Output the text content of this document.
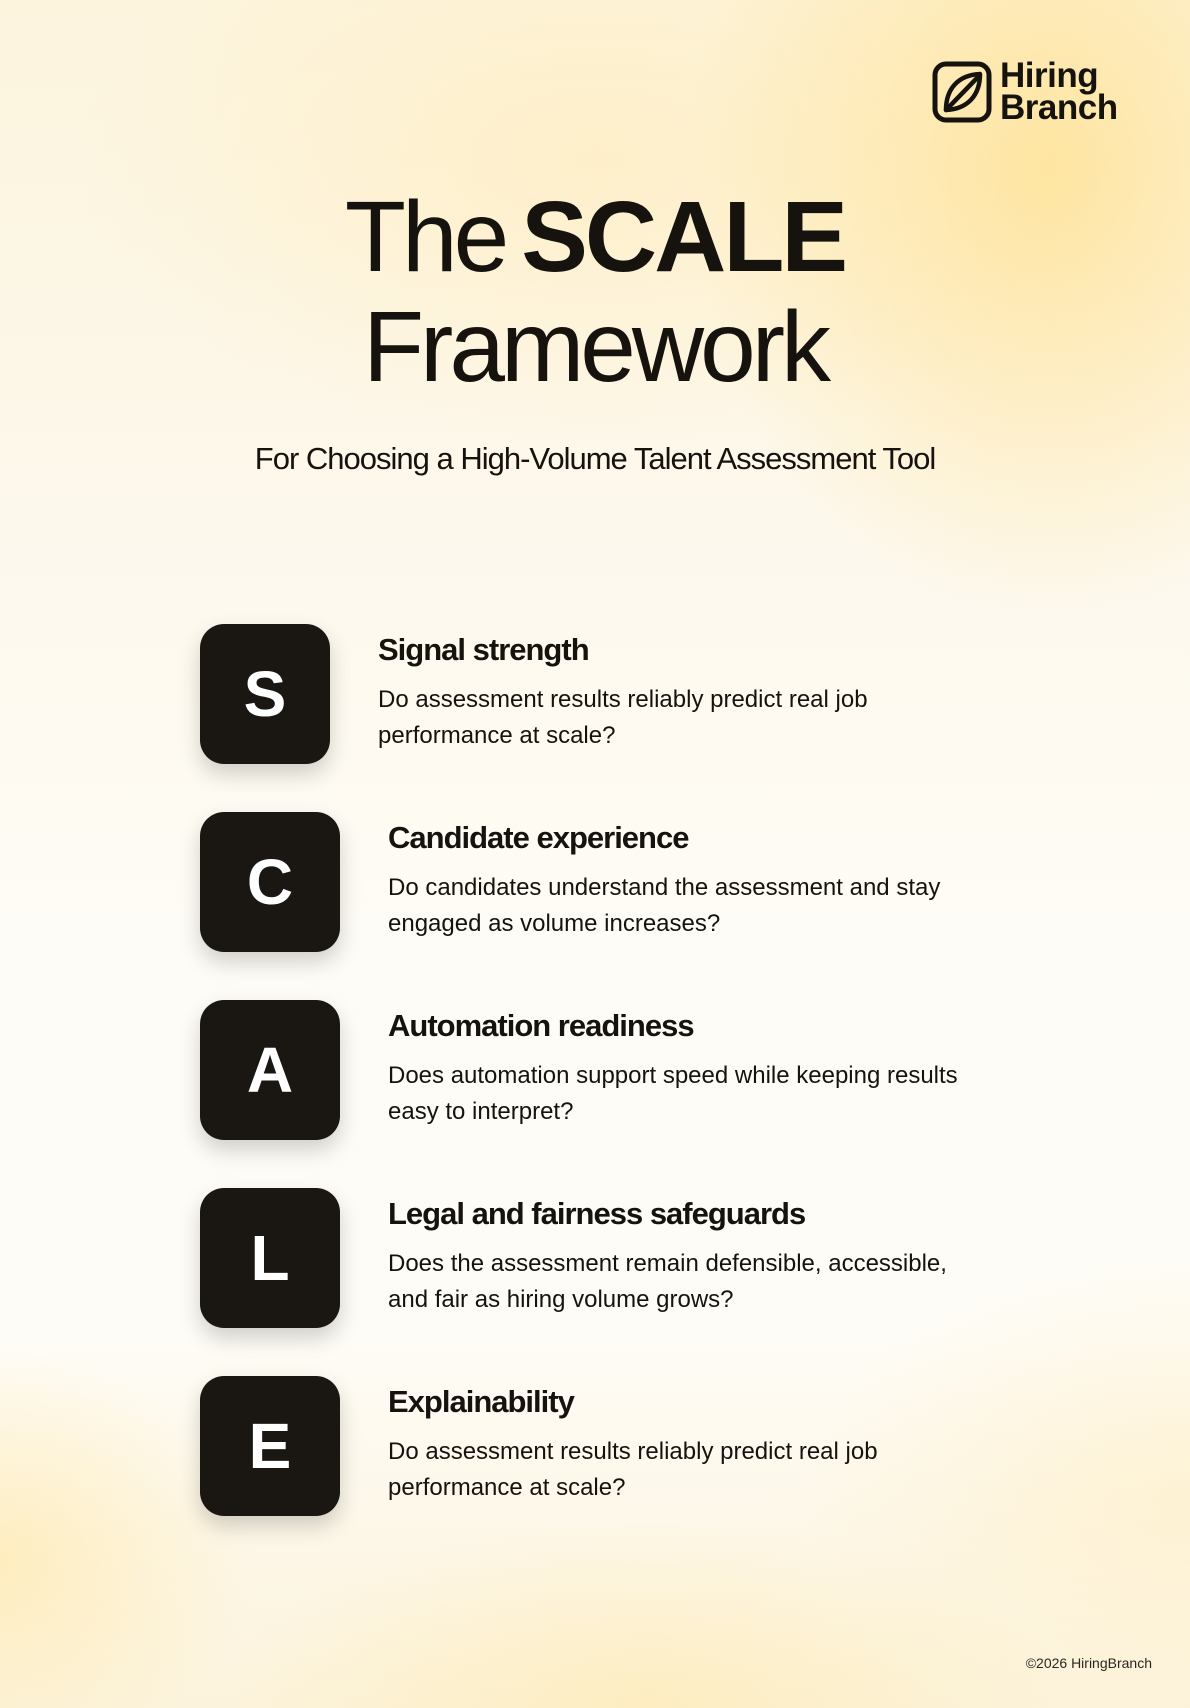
Hiring
Branch
The SCALE
Framework
For Choosing a High-Volume Talent Assessment Tool
S
Signal strength
Do assessment results reliably predict real job performance at scale?
C
Candidate experience
Do candidates understand the assessment and stay engaged as volume increases?
A
Automation readiness
Does automation support speed while keeping results easy to interpret?
L
Legal and fairness safeguards
Does the assessment remain defensible, accessible, and fair as hiring volume grows?
E
Explainability
Do assessment results reliably predict real job performance at scale?
©2026 HiringBranch
